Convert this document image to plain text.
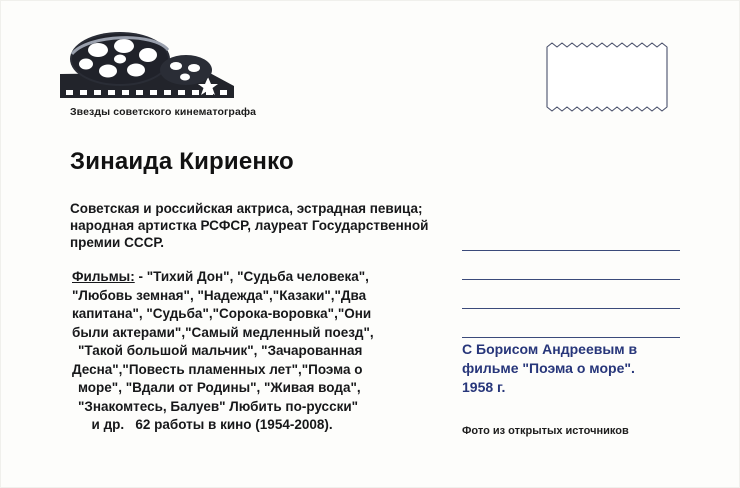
Звезды советского кинематографа
Зинаида Кириенко
Советская и российская актриса, эстрадная певица;
народная артистка РСФСР, лауреат Государственной
премии СССР.
Фильмы: - "Тихий Дон", "Судьба человека",
"Любовь земная", "Надежда","Казаки","Два
капитана", "Судьба","Сорока-воровка","Они
были актерами","Самый медленный поезд",
"Такой большой мальчик", "Зачарованная
Десна","Повесть пламенных лет","Поэма о
море", "Вдали от Родины", "Живая вода",
"Знакомтесь, Балуев" Любить по-русски"
и др.   62 работы в кино (1954-2008).
С Борисом Андреевым в
фильме "Поэма о море".
1958 г.
Фото из открытых источников
